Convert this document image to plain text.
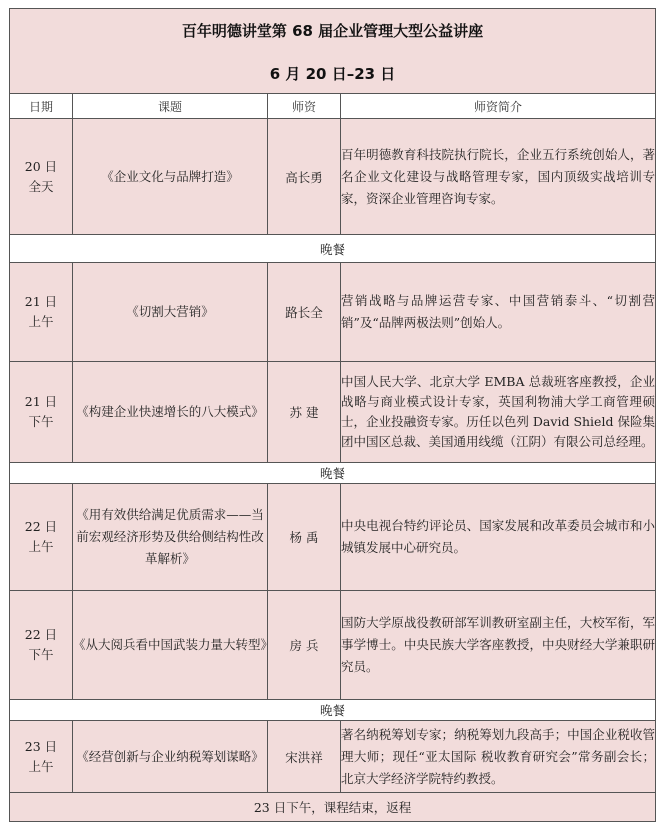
百年明德讲堂第 68 届企业管理大型公益讲座
6 月 20 日–23 日			

日期	课题	师资	师资简介

20 日
全天	《企业文化与品牌打造》	高长勇	百年明德教育科技院执行院长，企业五行系统创始人，著名企业文化建设与战略管理专家，国内顶级实战培训专家，资深企业管理咨询专家。
晚餐			

21 日
上午	《切割大营销》	路长全	营销战略与品牌运营专家、中国营销泰斗、“切割营销”及“品牌两极法则”创始人。

21 日
下午	《构建企业快速增长的八大模式》	苏 建	中国人民大学、北京大学 EMBA 总裁班客座教授，企业战略与商业模式设计专家，英国利物浦大学工商管理硕士，企业投融资专家。历任以色列 David Shield 保险集团中国区总裁、美国通用线缆（江阴）有限公司总经理。
晚餐			

22 日
上午	《用有效供给满足优质需求——当前宏观经济形势及供给侧结构性改革解析》	杨 禹	中央电视台特约评论员、国家发展和改革委员会城市和小城镇发展中心研究员。

22 日
下午	《从大阅兵看中国武装力量大转型》	房 兵	国防大学原战役教研部军训教研室副主任，大校军衔，军事学博士。中央民族大学客座教授，中央财经大学兼职研究员。
晚餐			

23 日
上午	《经营创新与企业纳税筹划谋略》	宋洪祥	著名纳税筹划专家；纳税筹划九段高手；中国企业税收管理大师；现任“亚太国际 税收教育研究会”常务副会长；北京大学经济学院特约教授。
23 日下午，课程结束，返程			
